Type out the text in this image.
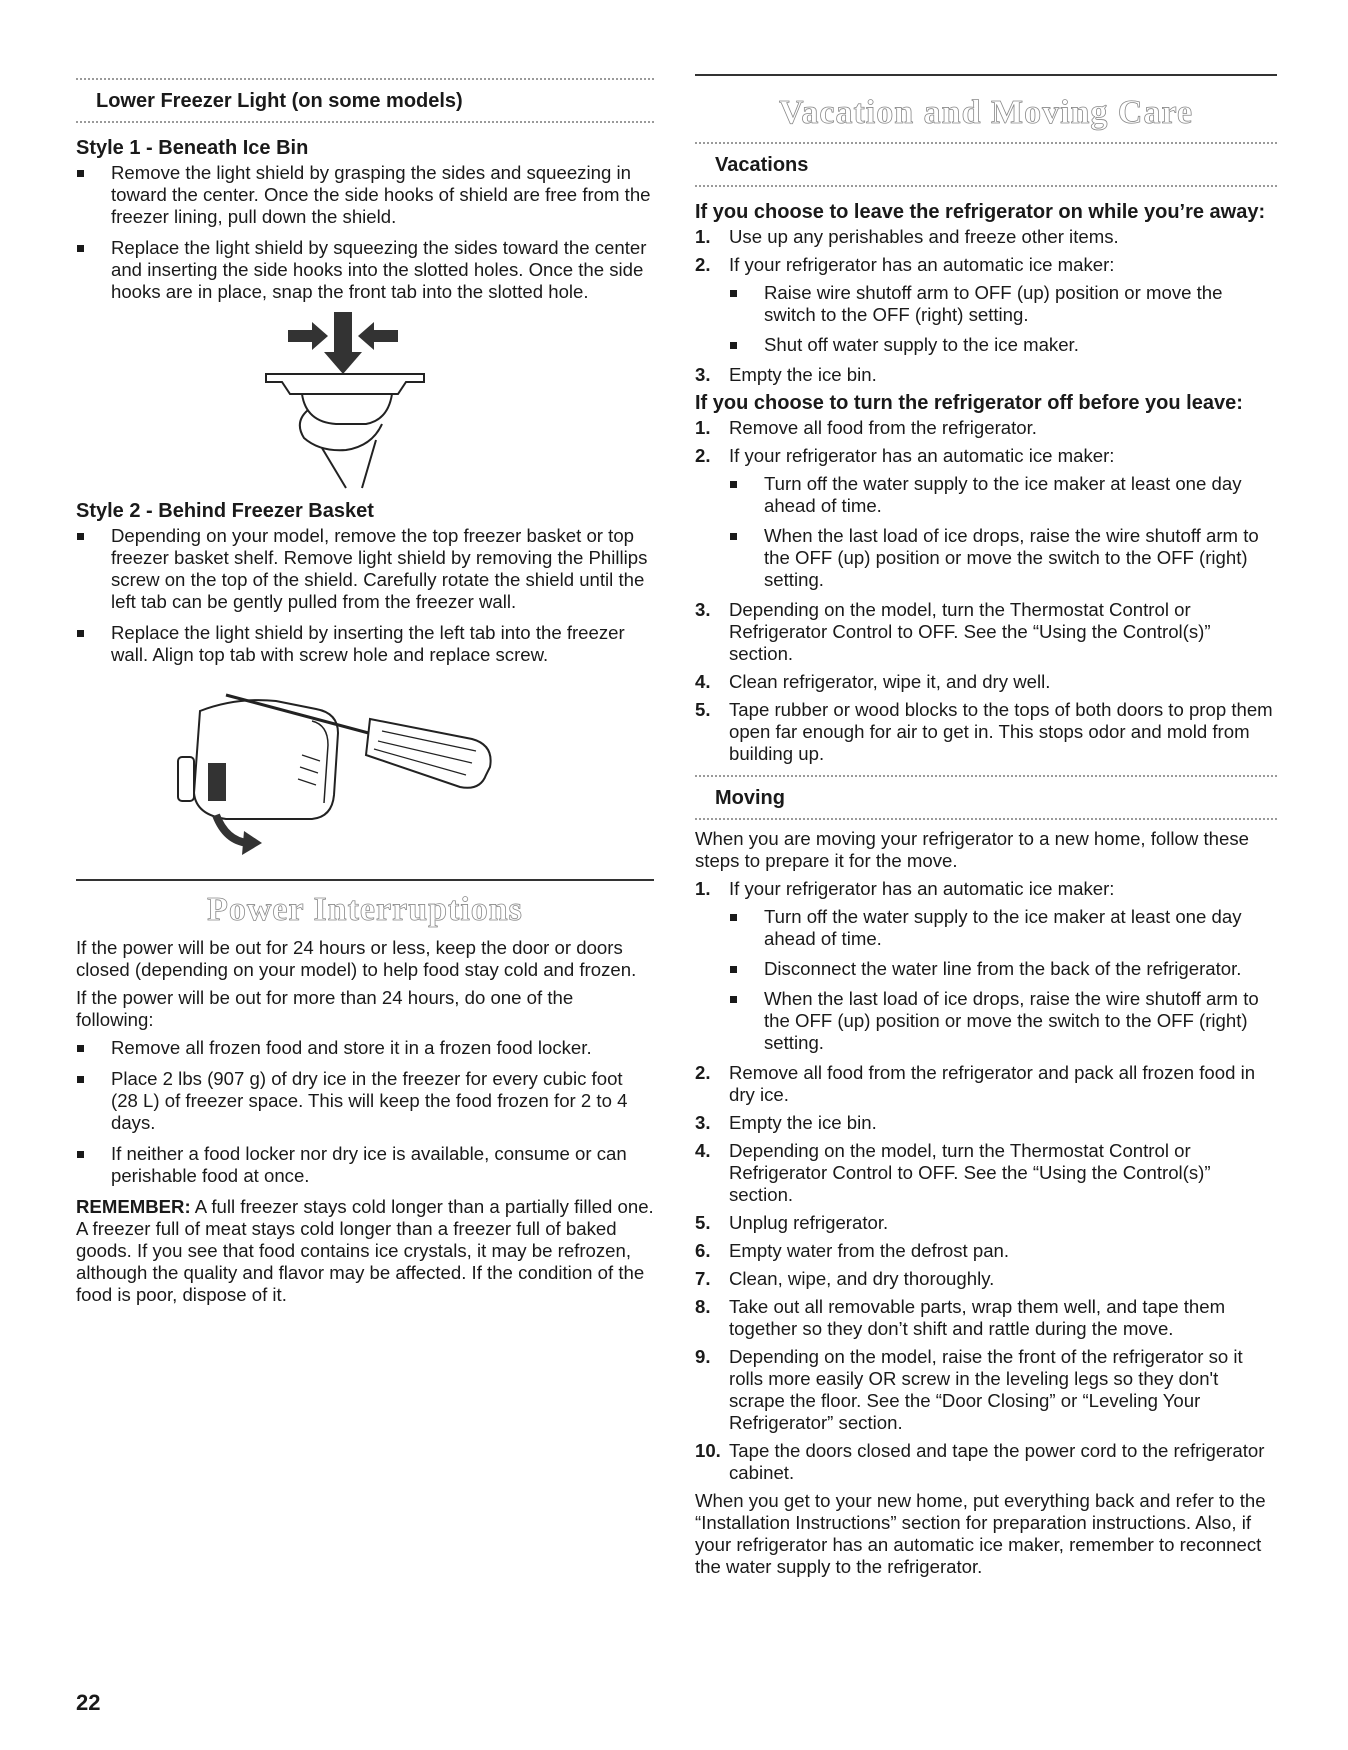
Lower Freezer Light (on some models)
Style 1 - Beneath Ice Bin
Remove the light shield by grasping the sides and squeezing in toward the center. Once the side hooks of shield are free from the freezer lining, pull down the shield.
Replace the light shield by squeezing the sides toward the center and inserting the side hooks into the slotted holes. Once the side hooks are in place, snap the front tab into the slotted hole.
Style 2 - Behind Freezer Basket
Depending on your model, remove the top freezer basket or top freezer basket shelf. Remove light shield by removing the Phillips screw on the top of the shield. Carefully rotate the shield until the left tab can be gently pulled from the freezer wall.
Replace the light shield by inserting the left tab into the freezer wall. Align top tab with screw hole and replace screw.
Power Interruptions
If the power will be out for 24 hours or less, keep the door or doors closed (depending on your model) to help food stay cold and frozen.
If the power will be out for more than 24 hours, do one of the following:
Remove all frozen food and store it in a frozen food locker.
Place 2 lbs (907 g) of dry ice in the freezer for every cubic foot (28 L) of freezer space. This will keep the food frozen for 2 to 4 days.
If neither a food locker nor dry ice is available, consume or can perishable food at once.
REMEMBER: A full freezer stays cold longer than a partially filled one. A freezer full of meat stays cold longer than a freezer full of baked goods. If you see that food contains ice crystals, it may be refrozen, although the quality and flavor may be affected. If the condition of the food is poor, dispose of it.
Vacation and Moving Care
Vacations
If you choose to leave the refrigerator on while you’re away:
1. Use up any perishables and freeze other items.
2. If your refrigerator has an automatic ice maker:
Raise wire shutoff arm to OFF (up) position or move the switch to the OFF (right) setting.
Shut off water supply to the ice maker.
3. Empty the ice bin.
If you choose to turn the refrigerator off before you leave:
1. Remove all food from the refrigerator.
2. If your refrigerator has an automatic ice maker:
Turn off the water supply to the ice maker at least one day ahead of time.
When the last load of ice drops, raise the wire shutoff arm to the OFF (up) position or move the switch to the OFF (right) setting.
3. Depending on the model, turn the Thermostat Control or Refrigerator Control to OFF. See the “Using the Control(s)” section.
4. Clean refrigerator, wipe it, and dry well.
5. Tape rubber or wood blocks to the tops of both doors to prop them open far enough for air to get in. This stops odor and mold from building up.
Moving
When you are moving your refrigerator to a new home, follow these steps to prepare it for the move.
1. If your refrigerator has an automatic ice maker:
Turn off the water supply to the ice maker at least one day ahead of time.
Disconnect the water line from the back of the refrigerator.
When the last load of ice drops, raise the wire shutoff arm to the OFF (up) position or move the switch to the OFF (right) setting.
2. Remove all food from the refrigerator and pack all frozen food in dry ice.
3. Empty the ice bin.
4. Depending on the model, turn the Thermostat Control or Refrigerator Control to OFF. See the “Using the Control(s)” section.
5. Unplug refrigerator.
6. Empty water from the defrost pan.
7. Clean, wipe, and dry thoroughly.
8. Take out all removable parts, wrap them well, and tape them together so they don’t shift and rattle during the move.
9. Depending on the model, raise the front of the refrigerator so it rolls more easily OR screw in the leveling legs so they don't scrape the floor. See the “Door Closing” or “Leveling Your Refrigerator” section.
10. Tape the doors closed and tape the power cord to the refrigerator cabinet.
When you get to your new home, put everything back and refer to the “Installation Instructions” section for preparation instructions. Also, if your refrigerator has an automatic ice maker, remember to reconnect the water supply to the refrigerator.
22
